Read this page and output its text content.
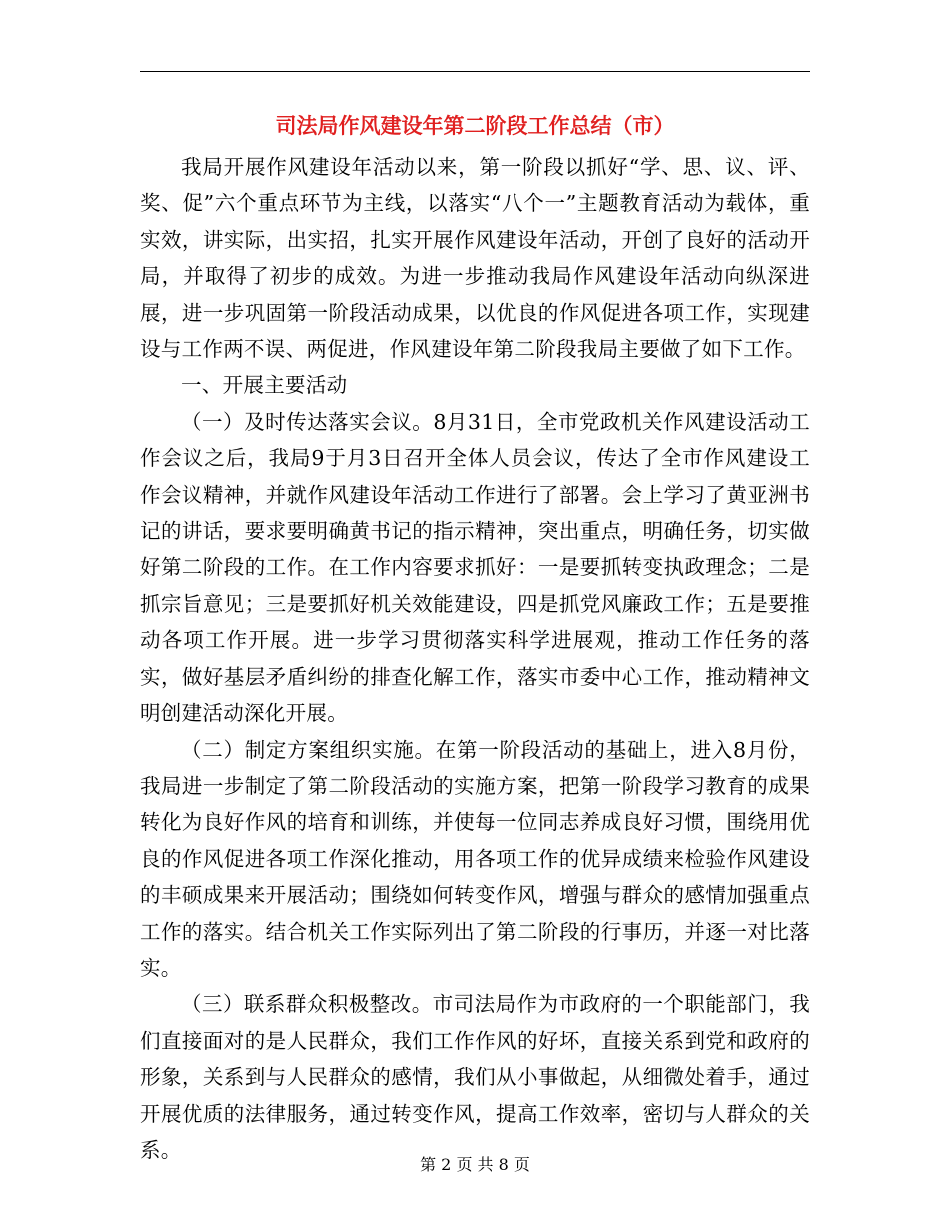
司法局作风建设年第二阶段工作总结（市）

我局开展作风建设年活动以来，第一阶段以抓好“学、思、议、评、奖、促”六个重点环节为主线，以落实“八个一”主题教育活动为载体，重实效，讲实际，出实招，扎实开展作风建设年活动，开创了良好的活动开局，并取得了初步的成效。为进一步推动我局作风建设年活动向纵深进展，进一步巩固第一阶段活动成果，以优良的作风促进各项工作，实现建设与工作两不误、两促进，作风建设年第二阶段我局主要做了如下工作。

一、开展主要活动

（一）及时传达落实会议。8月31日，全市党政机关作风建设活动工作会议之后，我局9于月3日召开全体人员会议，传达了全市作风建设工作会议精神，并就作风建设年活动工作进行了部署。会上学习了黄亚洲书记的讲话，要求要明确黄书记的指示精神，突出重点，明确任务，切实做好第二阶段的工作。在工作内容要求抓好：一是要抓转变执政理念；二是抓宗旨意见；三是要抓好机关效能建设，四是抓党风廉政工作；五是要推动各项工作开展。进一步学习贯彻落实科学进展观，推动工作任务的落实，做好基层矛盾纠纷的排查化解工作，落实市委中心工作，推动精神文明创建活动深化开展。

（二）制定方案组织实施。在第一阶段活动的基础上，进入8月份，我局进一步制定了第二阶段活动的实施方案，把第一阶段学习教育的成果转化为良好作风的培育和训练，并使每一位同志养成良好习惯，围绕用优良的作风促进各项工作深化推动，用各项工作的优异成绩来检验作风建设的丰硕成果来开展活动；围绕如何转变作风，增强与群众的感情加强重点工作的落实。结合机关工作实际列出了第二阶段的行事历，并逐一对比落实。

（三）联系群众积极整改。市司法局作为市政府的一个职能部门，我们直接面对的是人民群众，我们工作作风的好坏，直接关系到党和政府的形象，关系到与人民群众的感情，我们从小事做起，从细微处着手，通过开展优质的法律服务，通过转变作风，提高工作效率，密切与人群众的关系。

第 2 页 共 8 页
